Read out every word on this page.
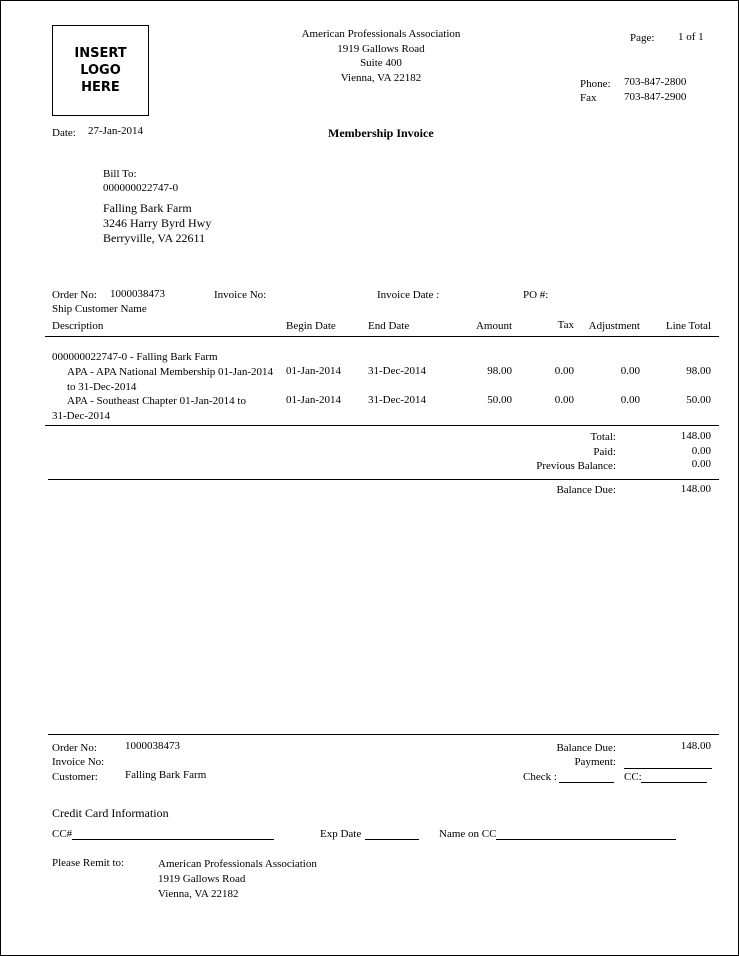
INSERT
LOGO
HERE
American Professionals Association
1919 Gallows Road
Suite 400
Vienna, VA 22182
Page: 1 of 1
Phone: 703-847-2800
Fax	703-847-2900
Date: 27-Jan-2014	Membership Invoice
Bill To:
000000022747-0
Falling Bark Farm
3246 Harry Byrd Hwy
Berryville, VA 22611
Order No: 1000038473	Invoice No:	Invoice Date :	PO #:
Ship Customer Name
Description	Begin Date	End Date	Amount	Tax	Adjustment	Line Total
000000022747-0 - Falling Bark Farm
APA - APA National Membership 01-Jan-2014
to 31-Dec-2014
01-Jan-2014 31-Dec-2014	98.00	0.00	0.00	98.00
APA - Southeast Chapter 01-Jan-2014 to
31-Dec-2014
01-Jan-2014 31-Dec-2014	50.00	0.00	0.00	50.00
Total:	148.00
Paid:	0.00
Previous Balance:	0.00
Balance Due:	148.00
Order No:	1000038473
Invoice No:
Customer: Falling Bark Farm
Balance Due:	148.00
Payment:
Check :	CC:
Credit Card Information
CC#	Exp Date	Name on CC
Please Remit to:	American Professionals Association
1919 Gallows Road
Vienna, VA 22182
